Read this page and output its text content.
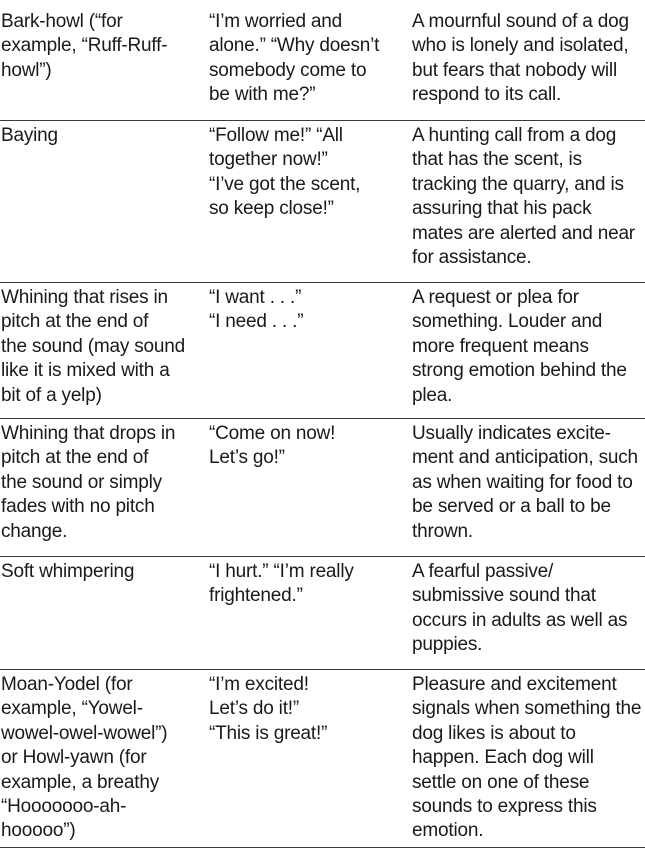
Bark-howl (“for
example, “Ruff-Ruff-
howl”)
“I’m worried and
alone.” “Why doesn’t
somebody come to
be with me?”
A mournful sound of a dog
who is lonely and isolated,
but fears that nobody will
respond to its call.
Baying	“Follow me!” “All
together now!”
“I’ve got the scent,
so keep close!”
A hunting call from a dog
that has the scent, is
tracking the quarry, and is
assuring that his pack
mates are alerted and near
for assistance.
Whining that rises in
pitch at the end of
the sound (may sound
like it is mixed with a
bit of a yelp)
“I want . . .”
“I need . . .”
A request or plea for
something. Louder and
more frequent means
strong emotion behind the
plea.
Whining that drops in
pitch at the end of
the sound or simply
fades with no pitch
change.
“Come on now!
Let’s go!”
Usually indicates excite-
ment and anticipation, such
as when waiting for food to
be served or a ball to be
thrown.
Soft whimpering	“I hurt.” “I’m really
frightened.”
A fearful passive/
submissive sound that
occurs in adults as well as
puppies.
Moan-Yodel (for
example, “Yowel-
wowel-owel-wowel”)
or Howl-yawn (for
example, a breathy
“Hooooooo-ah-
hooooo”)
“I’m excited!
Let’s do it!”
“This is great!”
Pleasure and excitement
signals when something the
dog likes is about to
happen. Each dog will
settle on one of these
sounds to express this
emotion.
